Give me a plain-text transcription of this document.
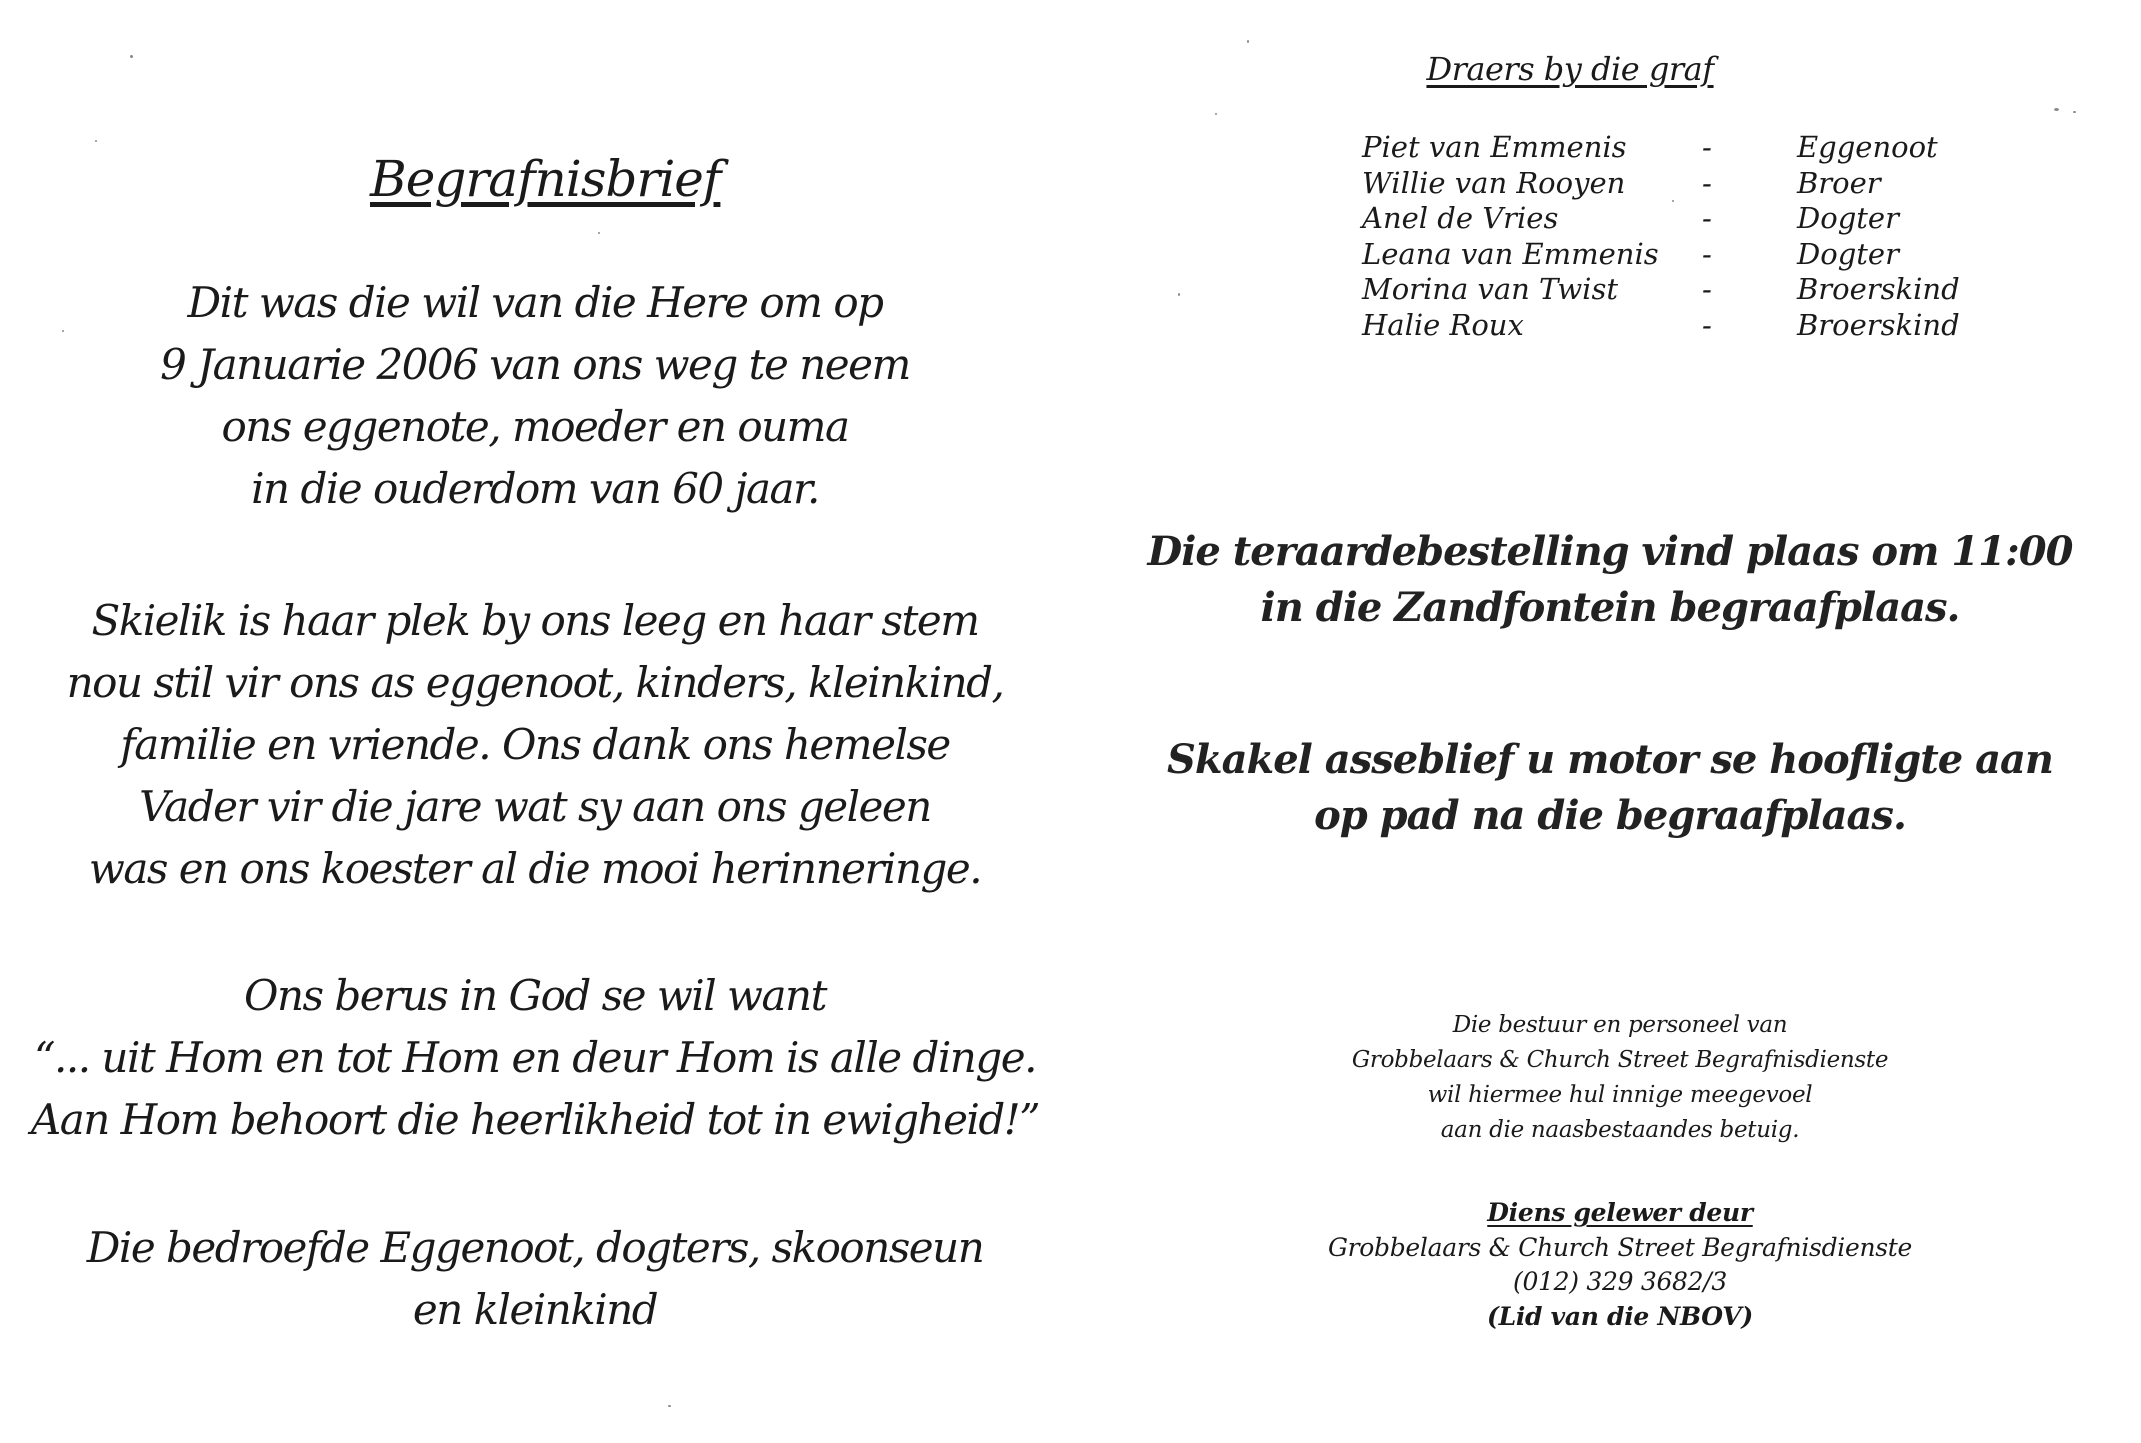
Begrafnisbrief
Dit was die wil van die Here om op
9 Januarie 2006 van ons weg te neem
ons eggenote, moeder en ouma
in die ouderdom van 60 jaar.
Skielik is haar plek by ons leeg en haar stem
nou stil vir ons as eggenoot, kinders, kleinkind,
familie en vriende. Ons dank ons hemelse
Vader vir die jare wat sy aan ons geleen
was en ons koester al die mooi herinneringe.
Ons berus in God se wil want
“... uit Hom en tot Hom en deur Hom is alle dinge.
Aan Hom behoort die heerlikheid tot in ewigheid!”
Die bedroefde Eggenoot, dogters, skoonseun
en kleinkind
Draers by die graf
Piet van Emmenis	-	Eggenoot
Willie van Rooyen	-	Broer
Anel de Vries	-	Dogter
Leana van Emmenis -	Dogter
Morina van Twist	-	Broerskind
Halie Roux	-	Broerskind
Die teraardebestelling vind plaas om 11:00
in die Zandfontein begraafplaas.
Skakel asseblief u motor se hoofligte aan
op pad na die begraafplaas.
Die bestuur en personeel van
Grobbelaars & Church Street Begrafnisdienste
wil hiermee hul innige meegevoel
aan die naasbestaandes betuig.
Diens gelewer deur
Grobbelaars & Church Street Begrafnisdienste
(012) 329 3682/3
(Lid van die NBOV)
